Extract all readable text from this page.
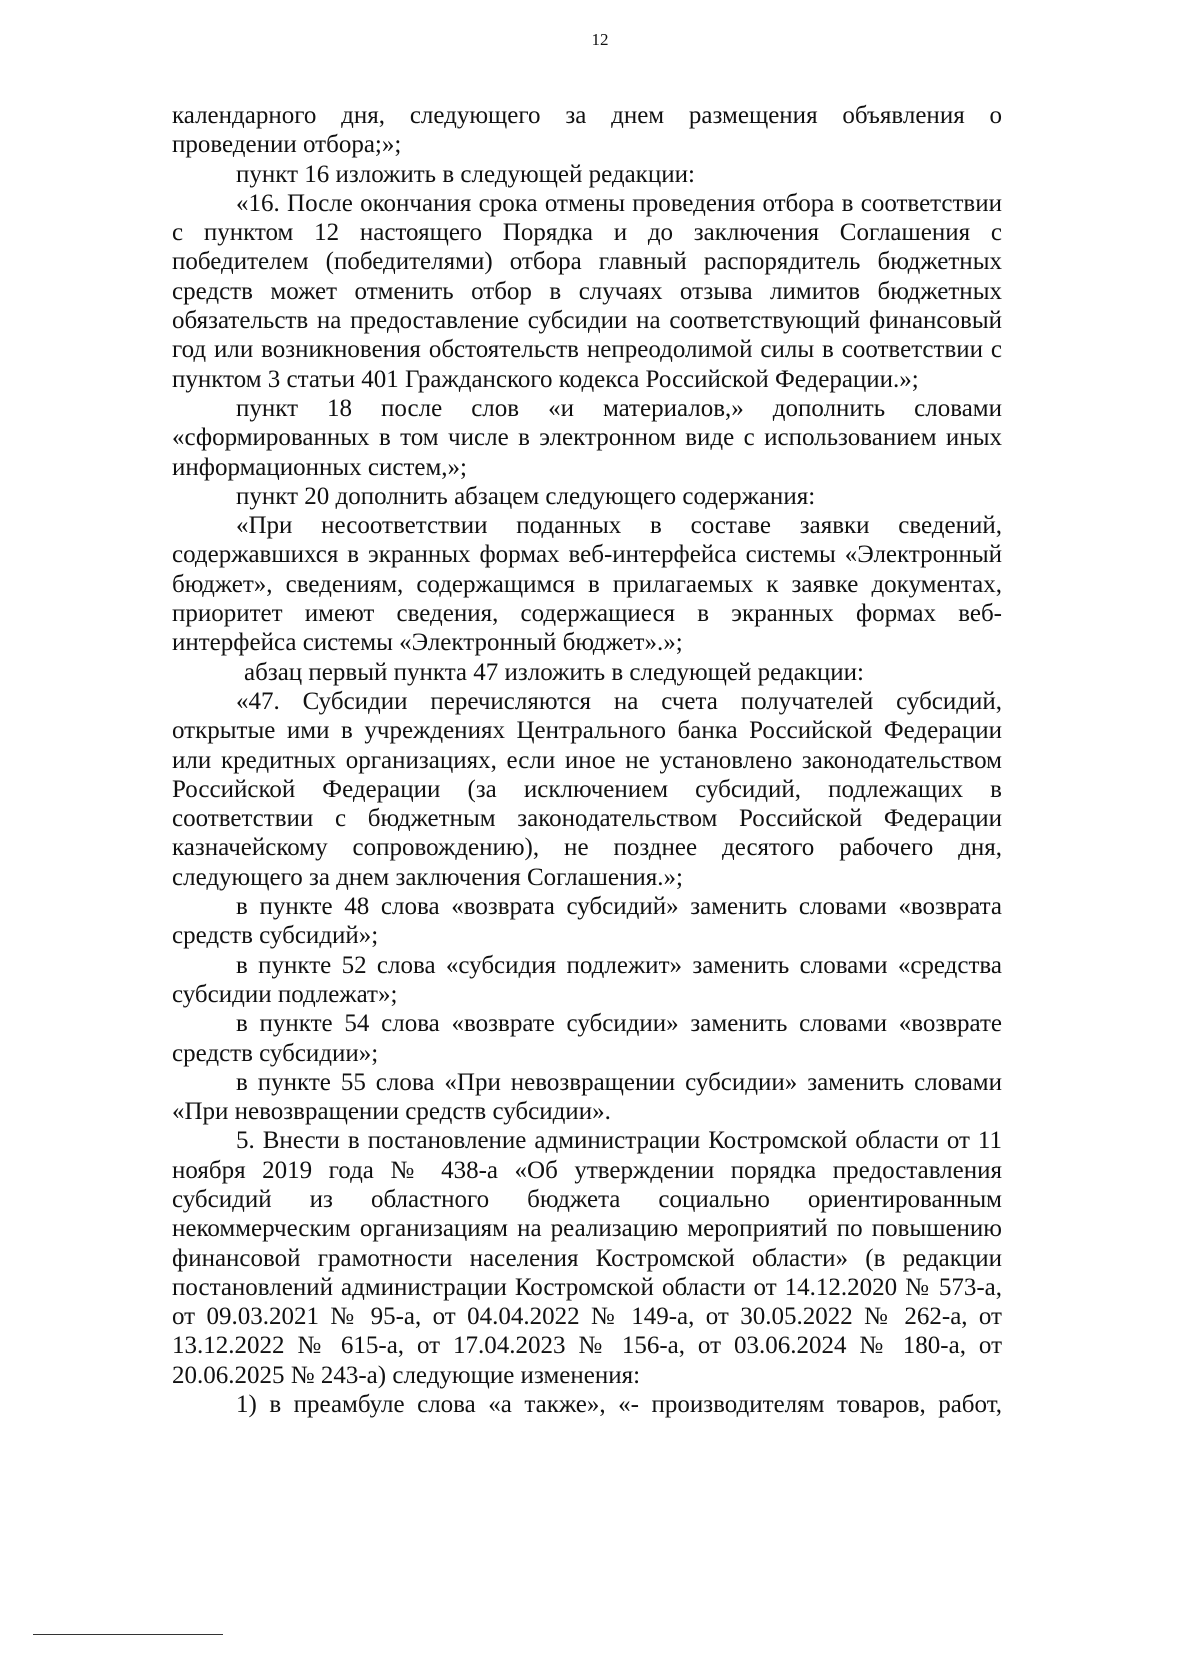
12

календарного дня, следующего за днем размещения объявления о проведении отбора;»;

пункт 16 изложить в следующей редакции:

«16. После окончания срока отмены проведения отбора в соответствии с пунктом 12 настоящего Порядка и до заключения Соглашения с победителем (победителями) отбора главный распорядитель бюджетных средств может отменить отбор в случаях отзыва лимитов бюджетных обязательств на предоставление субсидии на соответствующий финансовый год или возникновения обстоятельств непреодолимой силы в соответствии с пунктом 3 статьи 401 Гражданского кодекса Российской Федерации.»;

пункт 18 после слов «и материалов,» дополнить словами «сформированных в том числе в электронном виде с использованием иных информационных систем,»;

пункт 20 дополнить абзацем следующего содержания:

«При несоответствии поданных в составе заявки сведений, содержавшихся в экранных формах веб-интерфейса системы «Электронный бюджет», сведениям, содержащимся в прилагаемых к заявке документах, приоритет имеют сведения, содержащиеся в экранных формах веб-интерфейса системы «Электронный бюджет».»;

абзац первый пункта 47 изложить в следующей редакции:

«47. Субсидии перечисляются на счета получателей субсидий, открытые ими в учреждениях Центрального банка Российской Федерации или кредитных организациях, если иное не установлено законодательством Российской Федерации (за исключением субсидий, подлежащих в соответствии с бюджетным законодательством Российской Федерации казначейскому сопровождению), не позднее десятого рабочего дня, следующего за днем заключения Соглашения.»;

в пункте 48 слова «возврата субсидий» заменить словами «возврата средств субсидий»;

в пункте 52 слова «субсидия подлежит» заменить словами «средства субсидии подлежат»;

в пункте 54 слова «возврате субсидии» заменить словами «возврате средств субсидии»;

в пункте 55 слова «При невозвращении субсидии» заменить словами «При невозвращении средств субсидии».

5. Внести в постановление администрации Костромской области от 11 ноября 2019 года № 438-а «Об утверждении порядка предоставления субсидий из областного бюджета социально ориентированным некоммерческим организациям на реализацию мероприятий по повышению финансовой грамотности населения Костромской области» (в редакции постановлений администрации Костромской области от 14.12.2020 № 573-а, от 09.03.2021 № 95-а, от 04.04.2022 № 149-а, от 30.05.2022 № 262-а, от 13.12.2022 № 615-а, от 17.04.2023 № 156-а, от 03.06.2024 № 180-а, от 20.06.2025 № 243-а) следующие изменения:

1) в преамбуле слова «а также», «- производителям товаров, работ,
